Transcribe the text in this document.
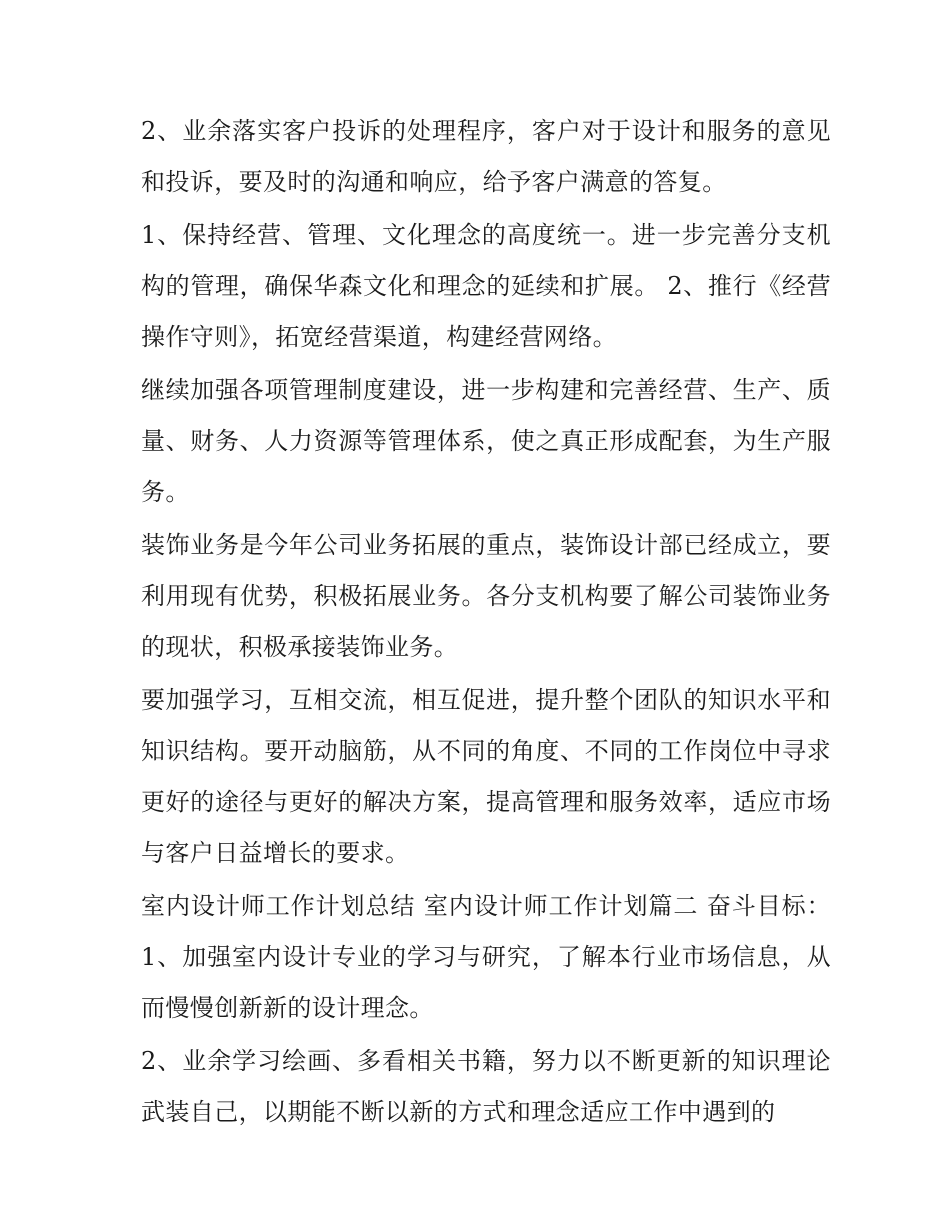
2、业余落实客户投诉的处理程序，客户对于设计和服务的意见和投诉，要及时的沟通和响应，给予客户满意的答复。

1、保持经营、管理、文化理念的高度统一。进一步完善分支机构的管理，确保华森文化和理念的延续和扩展。 2、推行《经营操作守则》，拓宽经营渠道，构建经营网络。

继续加强各项管理制度建设，进一步构建和完善经营、生产、质量、财务、人力资源等管理体系，使之真正形成配套，为生产服务。

装饰业务是今年公司业务拓展的重点，装饰设计部已经成立，要利用现有优势，积极拓展业务。各分支机构要了解公司装饰业务的现状，积极承接装饰业务。

要加强学习，互相交流，相互促进，提升整个团队的知识水平和知识结构。要开动脑筋，从不同的角度、不同的工作岗位中寻求更好的途径与更好的解决方案，提高管理和服务效率，适应市场与客户日益增长的要求。

室内设计师工作计划总结 室内设计师工作计划篇二 奋斗目标： 1、加强室内设计专业的学习与研究，了解本行业市场信息，从而慢慢创新新的设计理念。

2、业余学习绘画、多看相关书籍，努力以不断更新的知识理论武装自己，以期能不断以新的方式和理念适应工作中遇到的
